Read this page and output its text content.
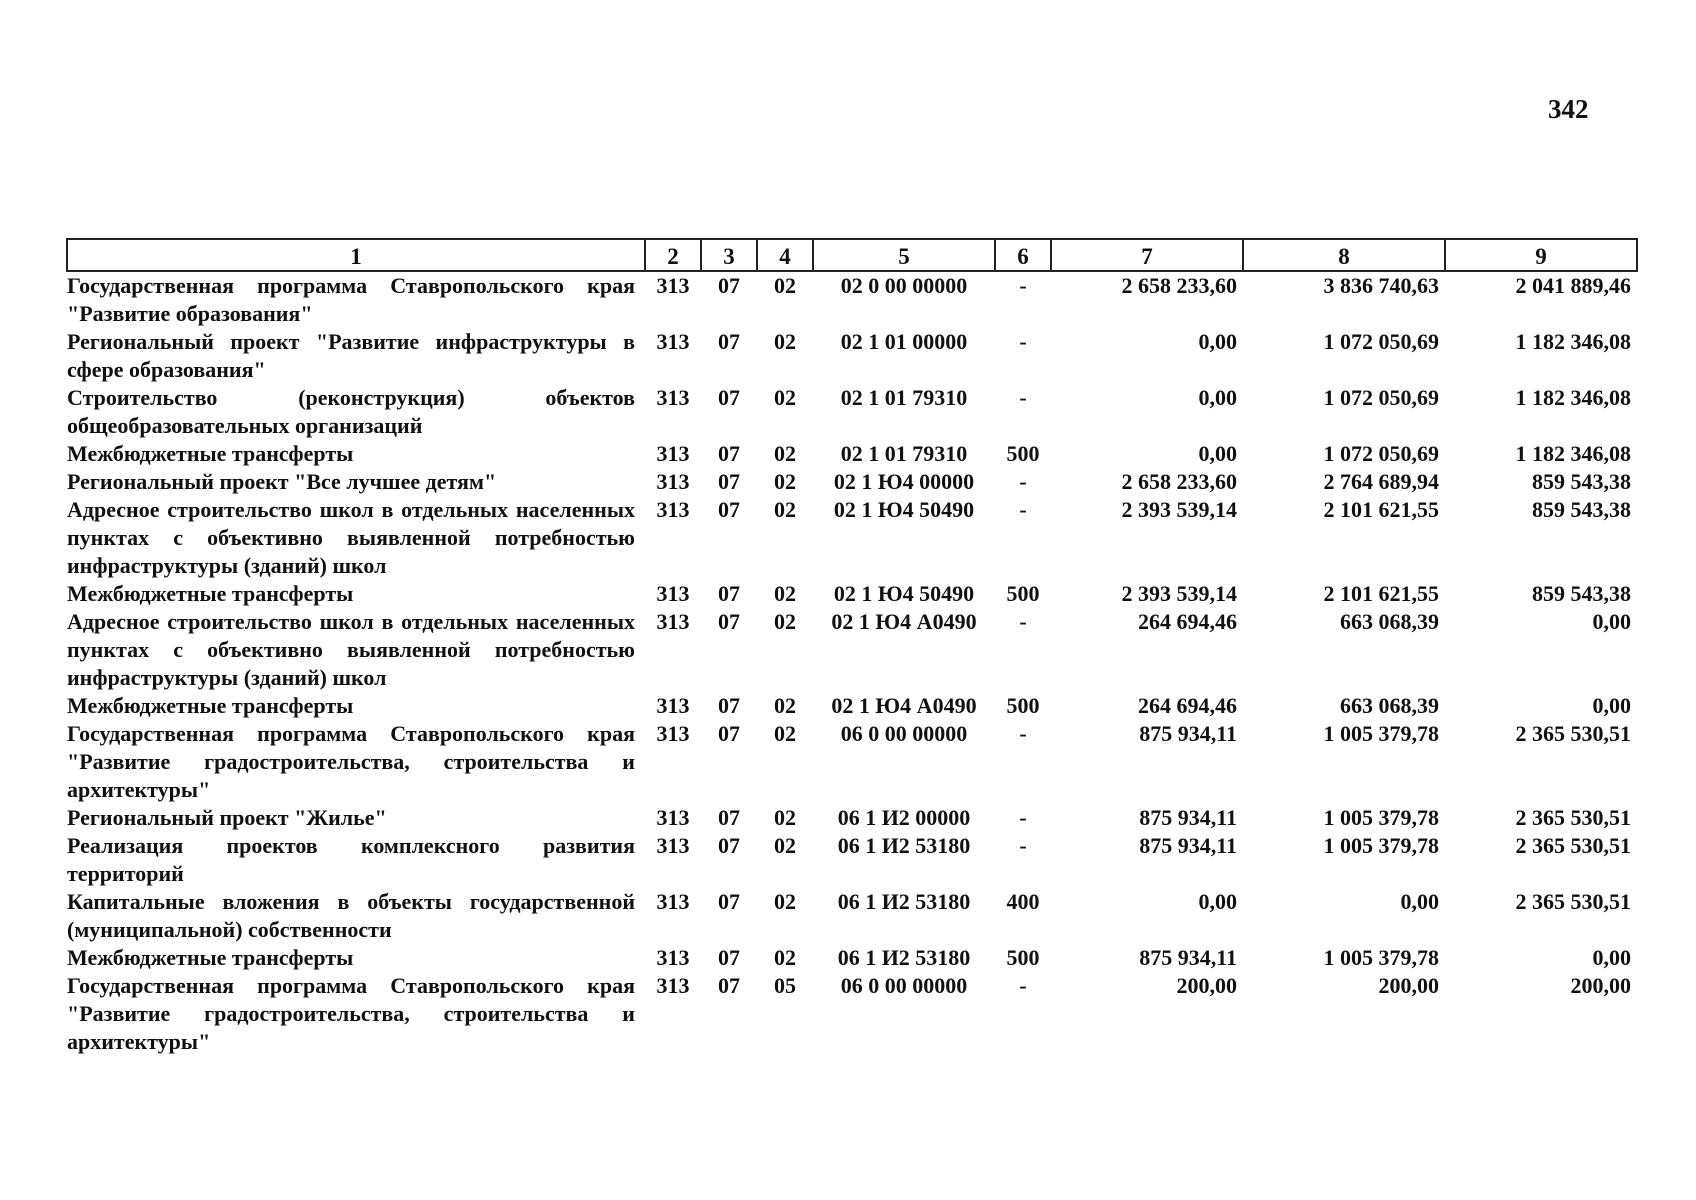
342
1	2	3	4	5	6	7	8	9
Государственная программа Ставропольского края "Развитие образования"	313	07	02	02 0 00 00000	-	2 658 233,60	3 836 740,63	2 041 889,46
Региональный проект "Развитие инфраструктуры в сфере образования"	313	07	02	02 1 01 00000	-	0,00	1 072 050,69	1 182 346,08
Строительство (реконструкция) объектов общеобразовательных организаций	313	07	02	02 1 01 79310	-	0,00	1 072 050,69	1 182 346,08
Межбюджетные трансферты	313	07	02	02 1 01 79310	500	0,00	1 072 050,69	1 182 346,08
Региональный проект "Все лучшее детям"	313	07	02	02 1 Ю4 00000	-	2 658 233,60	2 764 689,94	859 543,38
Адресное строительство школ в отдельных населенных пунктах с объективно выявленной потребностью инфраструктуры (зданий) школ	313	07	02	02 1 Ю4 50490	-	2 393 539,14	2 101 621,55	859 543,38
Межбюджетные трансферты	313	07	02	02 1 Ю4 50490	500	2 393 539,14	2 101 621,55	859 543,38
Адресное строительство школ в отдельных населенных пунктах с объективно выявленной потребностью инфраструктуры (зданий) школ	313	07	02	02 1 Ю4 А0490	-	264 694,46	663 068,39	0,00
Межбюджетные трансферты	313	07	02	02 1 Ю4 А0490	500	264 694,46	663 068,39	0,00
Государственная программа Ставропольского края "Развитие градостроительства, строительства и архитектуры"	313	07	02	06 0 00 00000	-	875 934,11	1 005 379,78	2 365 530,51
Региональный проект "Жилье"	313	07	02	06 1 И2 00000	-	875 934,11	1 005 379,78	2 365 530,51
Реализация проектов комплексного развития территорий	313	07	02	06 1 И2 53180	-	875 934,11	1 005 379,78	2 365 530,51
Капитальные вложения в объекты государственной (муниципальной) собственности	313	07	02	06 1 И2 53180	400	0,00	0,00	2 365 530,51
Межбюджетные трансферты	313	07	02	06 1 И2 53180	500	875 934,11	1 005 379,78	0,00
Государственная программа Ставропольского края "Развитие градостроительства, строительства и архитектуры"	313	07	05	06 0 00 00000	-	200,00	200,00	200,00
